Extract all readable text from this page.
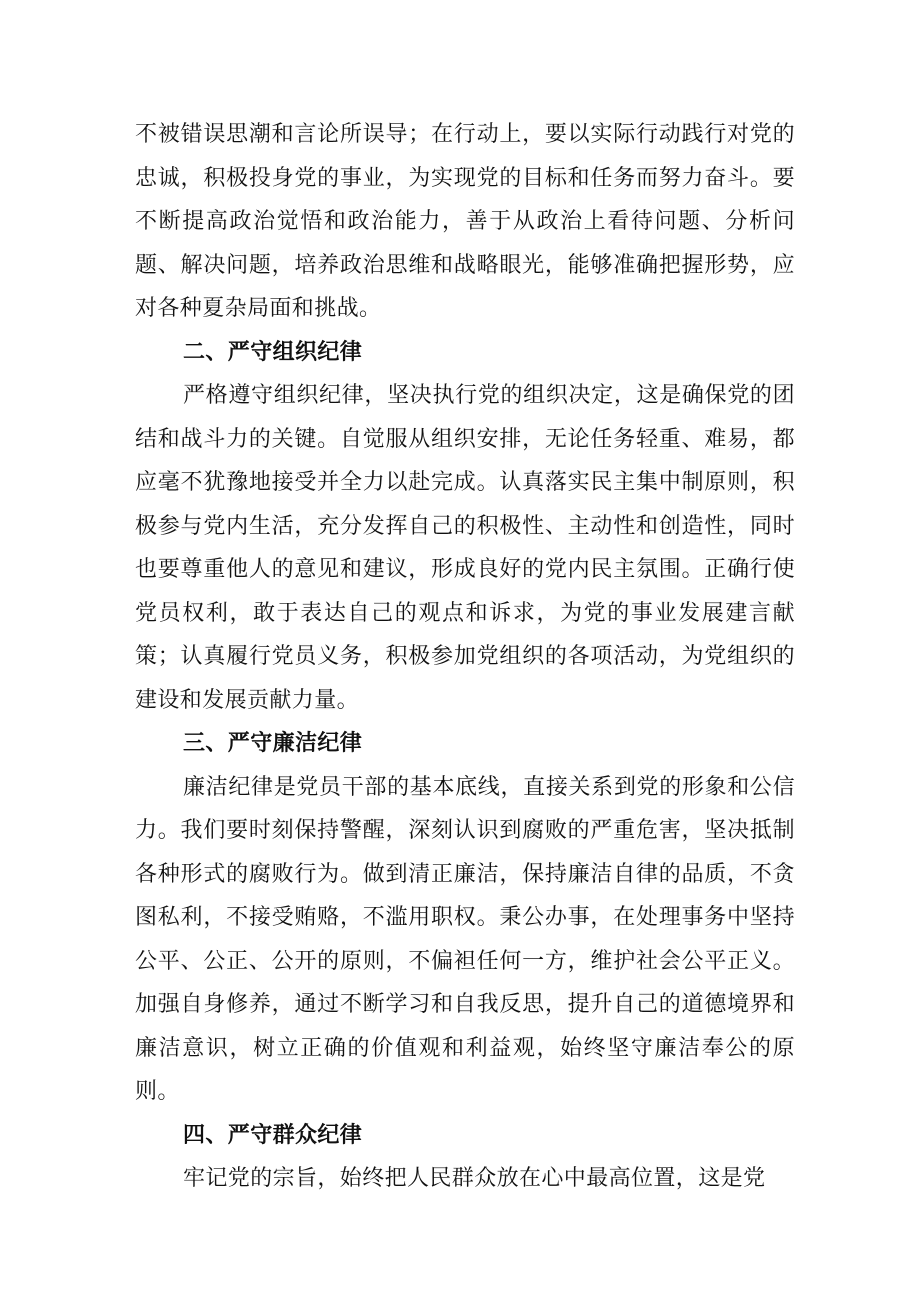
不被错误思潮和言论所误导；在行动上，要以实际行动践行对党的忠诚，积极投身党的事业，为实现党的目标和任务而努力奋斗。要不断提高政治觉悟和政治能力，善于从政治上看待问题、分析问题、解决问题，培养政治思维和战略眼光，能够准确把握形势，应对各种夏杂局面和挑战。

二、严守组织纪律

严格遵守组织纪律，坚决执行党的组织决定，这是确保党的团结和战斗力的关键。自觉服从组织安排，无论任务轻重、难易，都应毫不犹豫地接受并全力以赴完成。认真落实民主集中制原则，积极参与党内生活，充分发挥自己的积极性、主动性和创造性，同时也要尊重他人的意见和建议，形成良好的党内民主氛围。正确行使党员权利，敢于表达自己的观点和诉求，为党的事业发展建言献策；认真履行党员义务，积极参加党组织的各项活动，为党组织的建设和发展贡献力量。

三、严守廉洁纪律

廉洁纪律是党员干部的基本底线，直接关系到党的形象和公信力。我们要时刻保持警醒，深刻认识到腐败的严重危害，坚决抵制各种形式的腐败行为。做到清正廉洁，保持廉洁自律的品质，不贪图私利，不接受贿赂，不滥用职权。秉公办事，在处理事务中坚持公平、公正、公开的原则，不偏袒任何一方，维护社会公平正义。加强自身修养，通过不断学习和自我反思，提升自己的道德境界和廉洁意识，树立正确的价值观和利益观，始终坚守廉洁奉公的原则。

四、严守群众纪律

牢记党的宗旨，始终把人民群众放在心中最高位置，这是党
